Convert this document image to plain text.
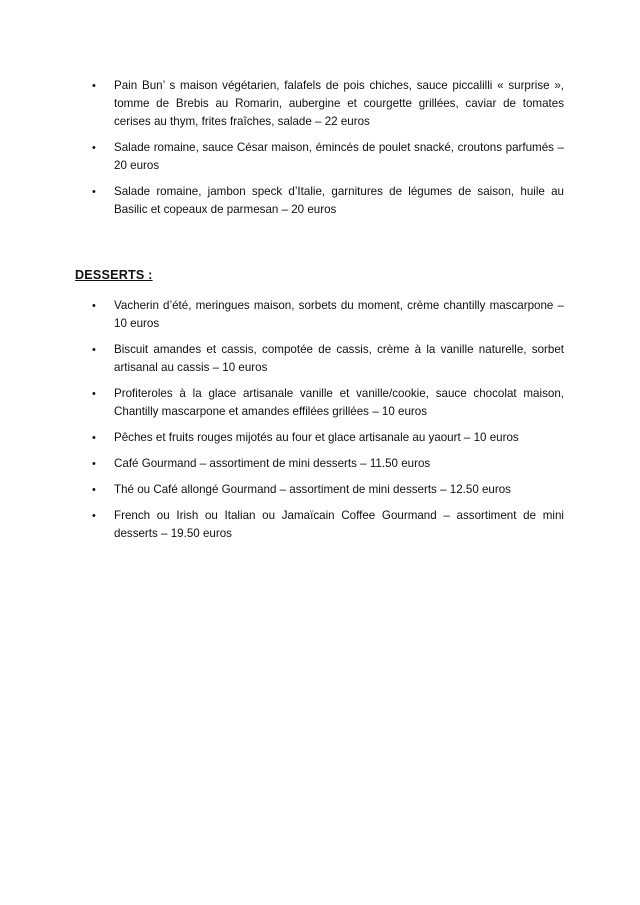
• Pain Bun’ s maison végétarien, falafels de pois chiches, sauce piccalilli « surprise », tomme de Brebis au Romarin, aubergine et courgette grillées, caviar de tomates cerises au thym, frites fraîches, salade – 22 euros
• Salade romaine, sauce César maison, émincés de poulet snacké, croutons parfumés – 20 euros
• Salade romaine, jambon speck d’Italie, garnitures de légumes de saison, huile au Basilic et copeaux de parmesan – 20 euros
DESSERTS :
• Vacherin d’été, meringues maison, sorbets du moment, crème chantilly mascarpone – 10 euros
• Biscuit amandes et cassis, compotée de cassis, crème à la vanille naturelle, sorbet artisanal au cassis – 10 euros
• Profiteroles à la glace artisanale vanille et vanille/cookie, sauce chocolat maison, Chantilly mascarpone et amandes effilées grillées – 10 euros
• Pêches et fruits rouges mijotés au four et glace artisanale au yaourt – 10 euros
• Café Gourmand – assortiment de mini desserts – 11.50 euros
• Thé ou Café allongé Gourmand – assortiment de mini desserts – 12.50 euros
• French ou Irish ou Italian ou Jamaïcain Coffee Gourmand – assortiment de mini desserts – 19.50 euros
